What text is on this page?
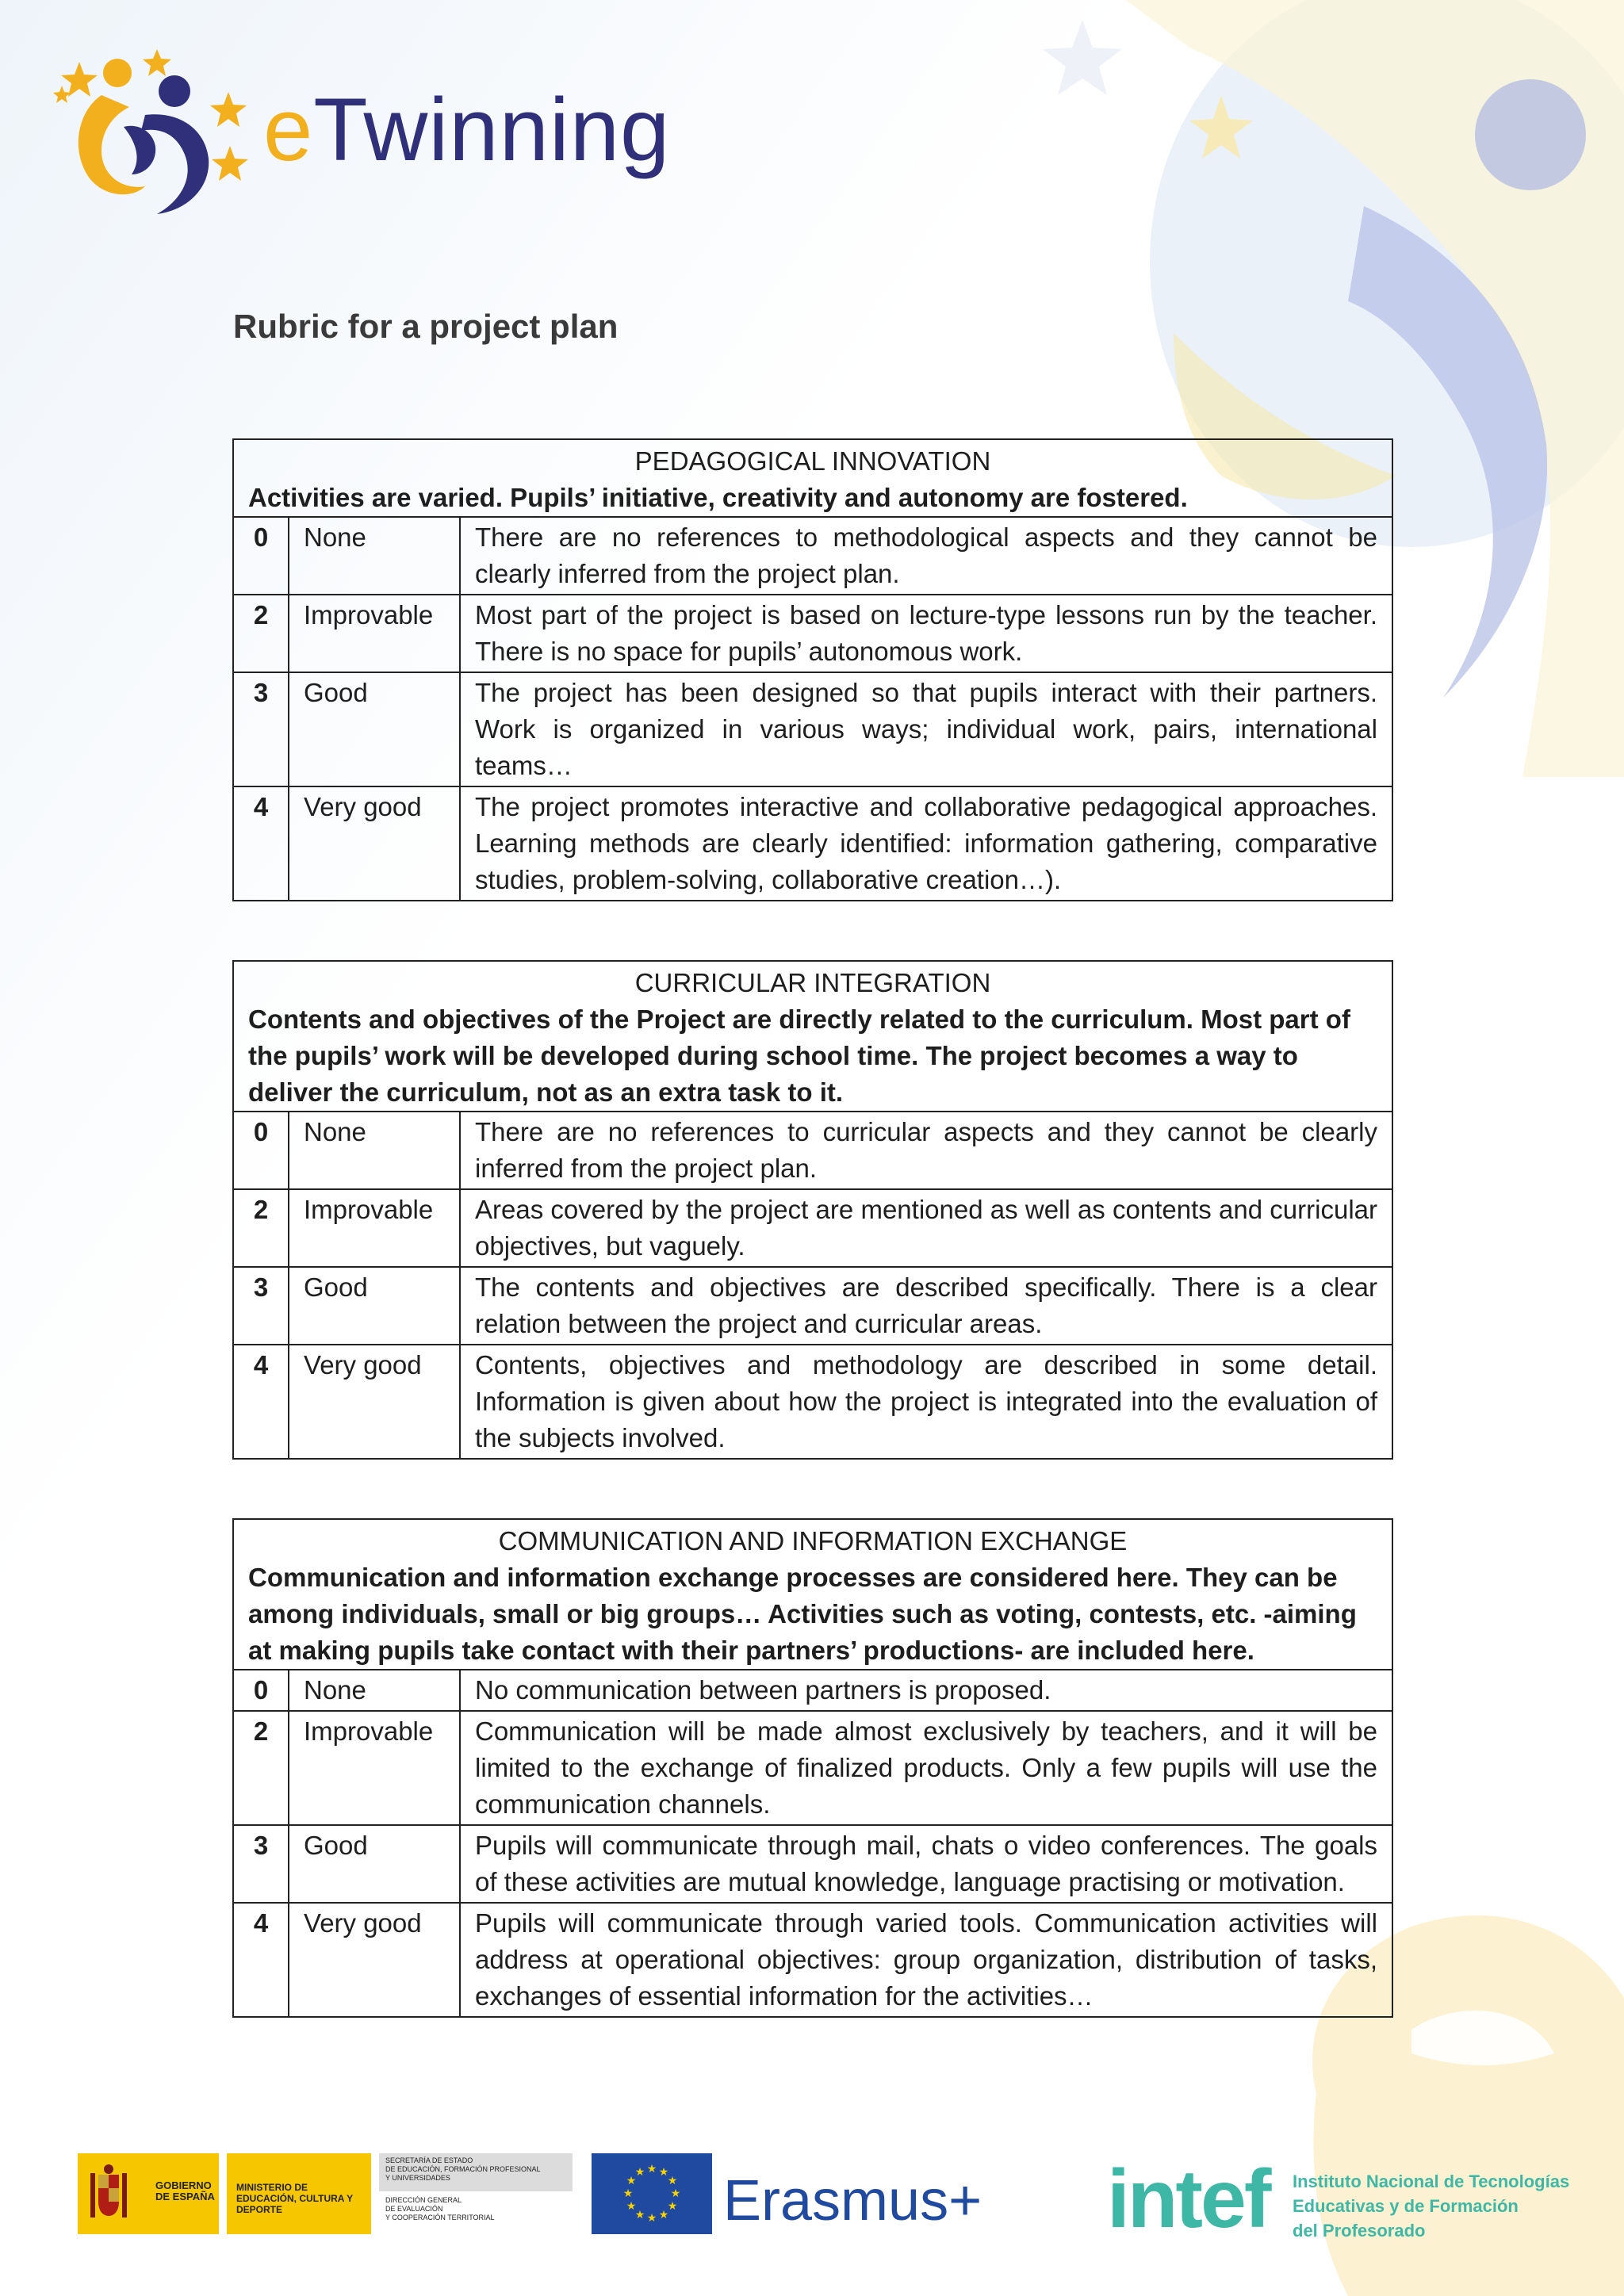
eTwinning
Rubric for a project plan
PEDAGOGICAL INNOVATION
Activities are varied. Pupils’ initiative, creativity and autonomy are fostered.		

0	None	There are no references to methodological aspects and they cannot be clearly inferred from the project plan.
2	Improvable	Most part of the project is based on lecture-type lessons run by the teacher. There is no space for pupils’ autonomous work.
3	Good	The project has been designed so that pupils interact with their partners. Work is organized in various ways; individual work, pairs, international teams…
4	Very good	The project promotes interactive and collaborative pedagogical approaches. Learning methods are clearly identified: information gathering, comparative studies, problem-solving, collaborative creation…).
CURRICULAR INTEGRATION
Contents and objectives of the Project are directly related to the curriculum. Most part of the pupils’ work will be developed during school time. The project becomes a way to deliver the curriculum, not as an extra task to it.		

0	None	There are no references to curricular aspects and they cannot be clearly inferred from the project plan.
2	Improvable	Areas covered by the project are mentioned as well as contents and curricular objectives, but vaguely.
3	Good	The contents and objectives are described specifically. There is a clear relation between the project and curricular areas.
4	Very good	Contents, objectives and methodology are described in some detail. Information is given about how the project is integrated into the evaluation of the subjects involved.
COMMUNICATION AND INFORMATION EXCHANGE
Communication and information exchange processes are considered here. They can be among individuals, small or big groups… Activities such as voting, contests, etc. -aiming at making pupils take contact with their partners’ productions- are included here.		

0	None	No communication between partners is proposed.
2	Improvable	Communication will be made almost exclusively by teachers, and it will be limited to the exchange of finalized products. Only a few pupils will use the communication channels.
3	Good	Pupils will communicate through mail, chats o video conferences. The goals of these activities are mutual knowledge, language practising or motivation.
4	Very good	Pupils will communicate through varied tools. Communication activities will address at operational objectives: group organization, distribution of tasks, exchanges of essential information for the activities…
GOBIERNO DE ESPAÑA
MINISTERIO DE EDUCACIÓN, CULTURA Y DEPORTE
SECRETARÍA DE ESTADO
DE EDUCACIÓN, FORMACIÓN PROFESIONAL
Y UNIVERSIDADES
DIRECCIÓN GENERAL
DE EVALUACIÓN
Y COOPERACIÓN TERRITORIAL
★ ★
★
★
★
★
★
★
★
★
★
★ Erasmus+ intef Instituto Nacional de Tecnologías
Educativas y de Formación
del Profesorado
